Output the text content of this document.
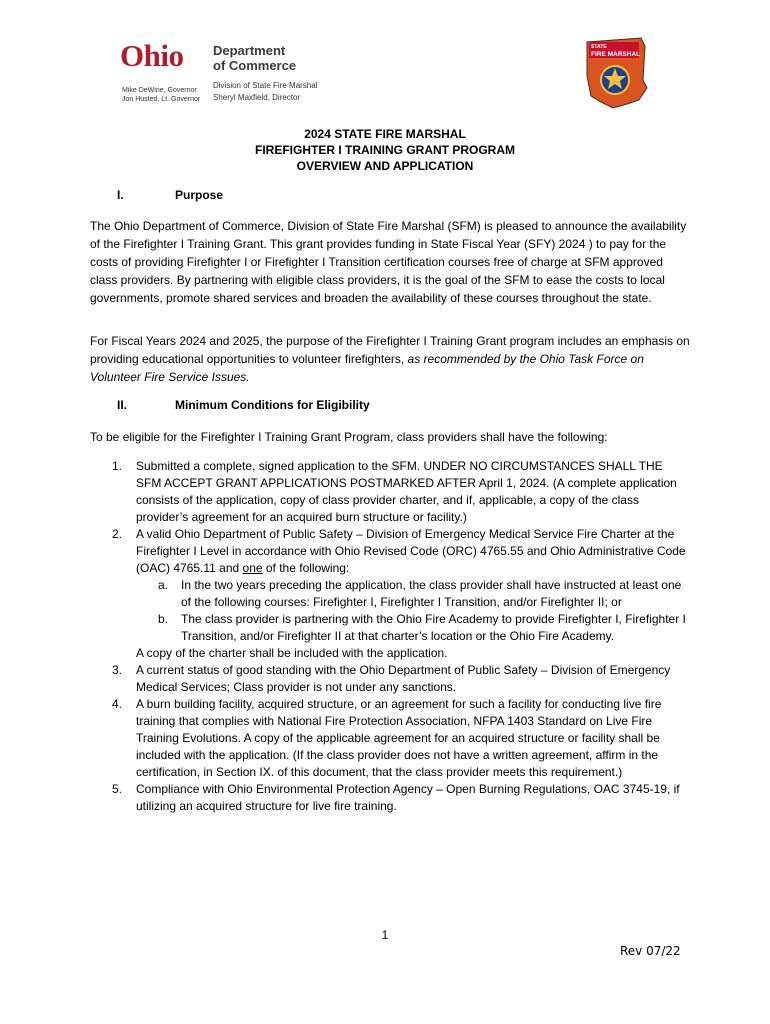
Ohio Department
of Commerce
Division of State Fire Marshal
Sheryl Maxfield, Director
Mike DeWine, Governor
Jon Husted, Lt. Governor
STATE
FIRE MARSHAL
2024 STATE FIRE MARSHAL
FIREFIGHTER I TRAINING GRANT PROGRAM
OVERVIEW AND APPLICATION
I.	Purpose
The Ohio Department of Commerce, Division of State Fire Marshal (SFM) is pleased to announce the availability of the Firefighter I Training Grant. This grant provides funding in State Fiscal Year (SFY) 2024 ) to pay for the costs of providing Firefighter I or Firefighter I Transition certification courses free of charge at SFM approved class providers. By partnering with eligible class providers, it is the goal of the SFM to ease the costs to local governments, promote shared services and broaden the availability of these courses throughout the state.
For Fiscal Years 2024 and 2025, the purpose of the Firefighter I Training Grant program includes an emphasis on providing educational opportunities to volunteer firefighters, as recommended by the Ohio Task Force on Volunteer Fire Service Issues.
II.	Minimum Conditions for Eligibility
To be eligible for the Firefighter I Training Grant Program, class providers shall have the following:
1. Submitted a complete, signed application to the SFM. UNDER NO CIRCUMSTANCES SHALL THE SFM ACCEPT GRANT APPLICATIONS POSTMARKED AFTER April 1, 2024. (A complete application consists of the application, copy of class provider charter, and if, applicable, a copy of the class provider’s agreement for an acquired burn structure or facility.)
2. A valid Ohio Department of Public Safety – Division of Emergency Medical Service Fire Charter at the Firefighter I Level in accordance with Ohio Revised Code (ORC) 4765.55 and Ohio Administrative Code (OAC) 4765.11 and one of the following:
a. In the two years preceding the application, the class provider shall have instructed at least one of the following courses: Firefighter I, Firefighter I Transition, and/or Firefighter II; or
b. The class provider is partnering with the Ohio Fire Academy to provide Firefighter I, Firefighter I Transition, and/or Firefighter II at that charter’s location or the Ohio Fire Academy.
A copy of the charter shall be included with the application.
3. A current status of good standing with the Ohio Department of Public Safety – Division of Emergency Medical Services; Class provider is not under any sanctions.
4. A burn building facility, acquired structure, or an agreement for such a facility for conducting live fire training that complies with National Fire Protection Association, NFPA 1403 Standard on Live Fire Training Evolutions. A copy of the applicable agreement for an acquired structure or facility shall be included with the application. (If the class provider does not have a written agreement, affirm in the certification, in Section IX. of this document, that the class provider meets this requirement.)
5. Compliance with Ohio Environmental Protection Agency – Open Burning Regulations, OAC 3745-19, if utilizing an acquired structure for live fire training.
1
Rev 07/22
